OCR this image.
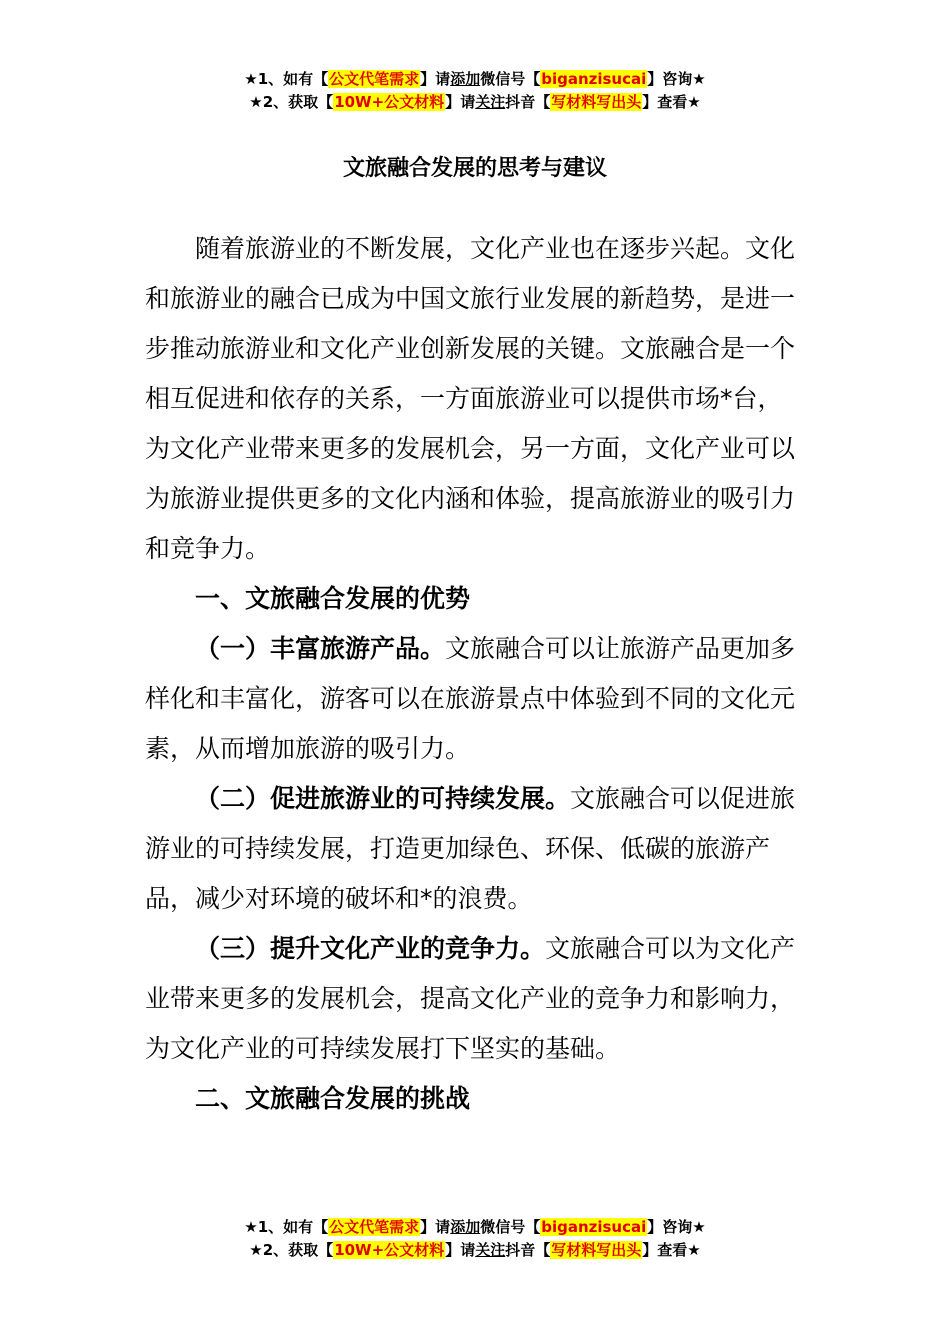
★1、如有【公文代笔需求】请添加微信号【biganzisucai】咨询★
★2、获取【10W+公文材料】请关注抖音【写材料写出头】查看★
文旅融合发展的思考与建议

随着旅游业的不断发展，文化产业也在逐步兴起。文化和旅游业的融合已成为中国文旅行业发展的新趋势，是进一步推动旅游业和文化产业创新发展的关键。文旅融合是一个相互促进和依存的关系，一方面旅游业可以提供市场*台，为文化产业带来更多的发展机会，另一方面，文化产业可以为旅游业提供更多的文化内涵和体验，提高旅游业的吸引力和竞争力。

一、文旅融合发展的优势

（一）丰富旅游产品。文旅融合可以让旅游产品更加多样化和丰富化，游客可以在旅游景点中体验到不同的文化元素，从而增加旅游的吸引力。

（二）促进旅游业的可持续发展。文旅融合可以促进旅游业的可持续发展，打造更加绿色、环保、低碳的旅游产品，减少对环境的破坏和*的浪费。

（三）提升文化产业的竞争力。文旅融合可以为文化产业带来更多的发展机会，提高文化产业的竞争力和影响力，为文化产业的可持续发展打下坚实的基础。

二、文旅融合发展的挑战

★1、如有【公文代笔需求】请添加微信号【biganzisucai】咨询★
★2、获取【10W+公文材料】请关注抖音【写材料写出头】查看★
